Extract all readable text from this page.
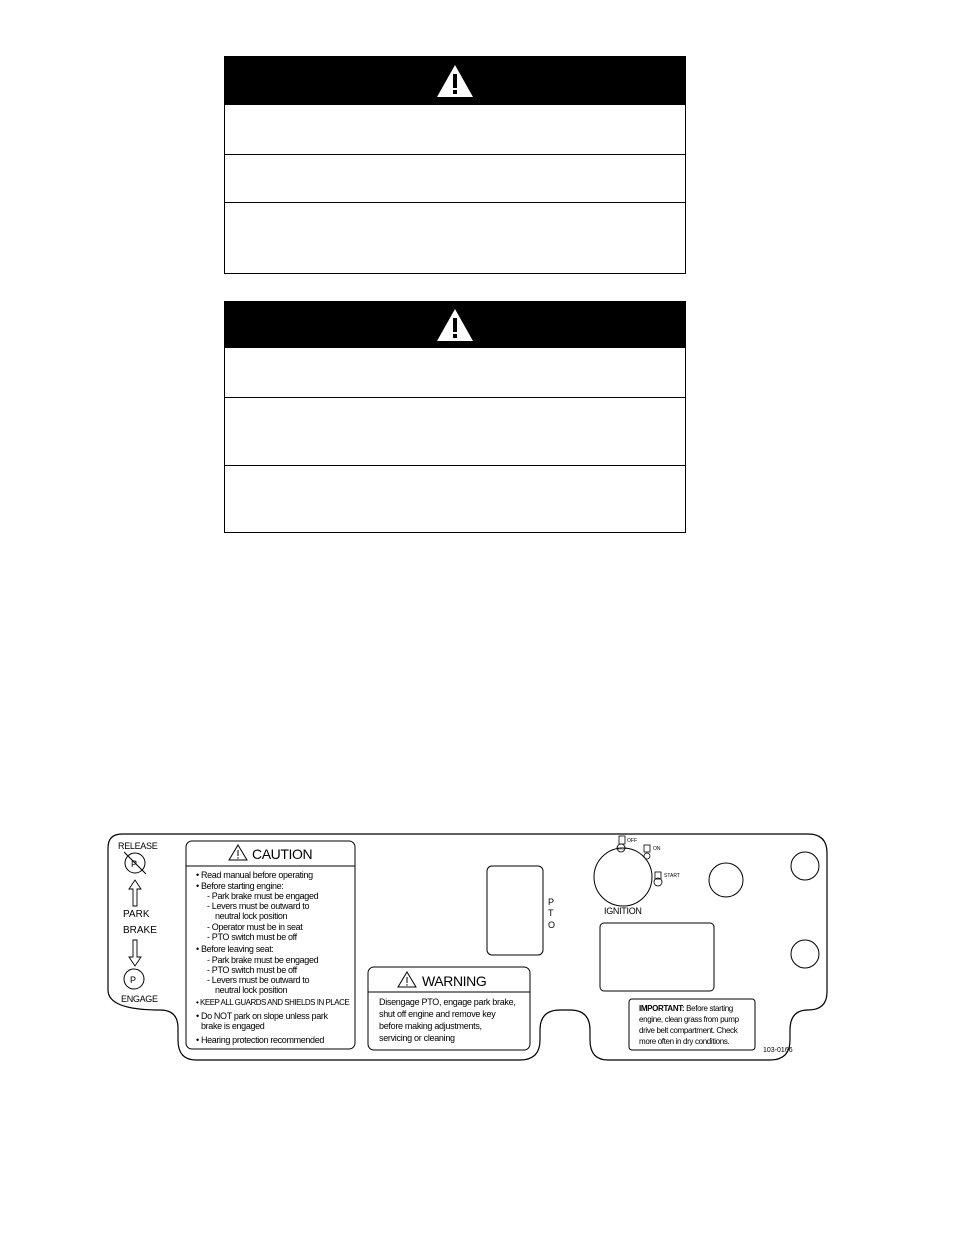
RELEASE
P
PARK
BRAKE
P
ENGAGE
CAUTION
• Read manual before operating
• Before starting engine:
- Park brake must be engaged
- Levers must be outward to
neutral lock position
- Operator must be in seat
- PTO switch must be off
• Before leaving seat:
- Park brake must be engaged
- PTO switch must be off
- Levers must be outward to
neutral lock position
• KEEP ALL GUARDS AND SHIELDS IN PLACE
• Do NOT park on slope unless park
brake is engaged
• Hearing protection recommended
P
T
O
WARNING
Disengage PTO, engage park brake,
shut off engine and remove key
before making adjustments,
servicing or cleaning
OFF
STOP	ON
START
IGNITION
IMPORTANT: Before starting
engine, clean grass from pump
drive belt compartment. Check
more often in dry conditions.
103-0166
